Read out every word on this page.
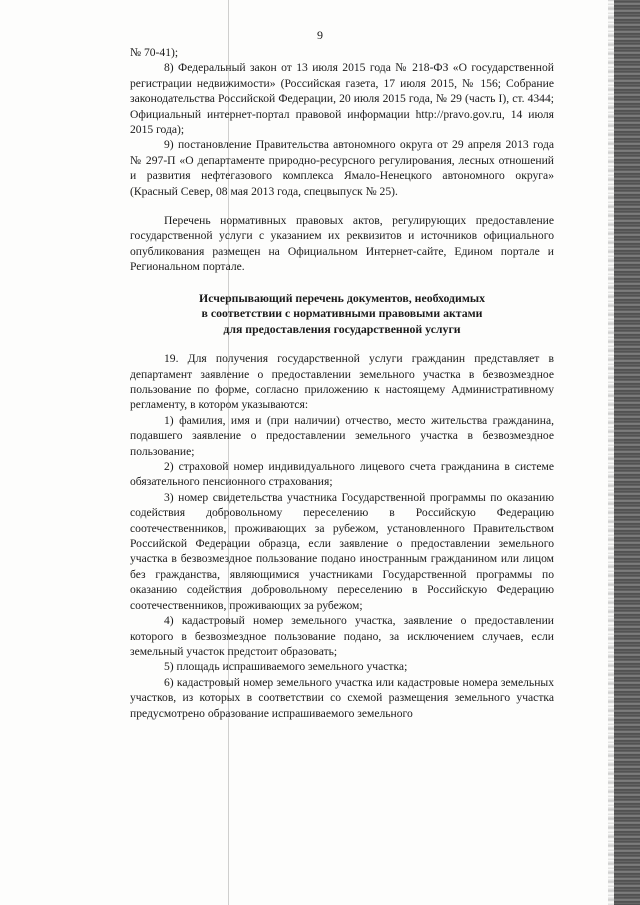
9

№ 70-41);

8) Федеральный закон от 13 июля 2015 года № 218-ФЗ «О государственной регистрации недвижимости» (Российская газета, 17 июля 2015, № 156; Собрание законодательства Российской Федерации, 20 июля 2015 года, № 29 (часть I), ст. 4344; Официальный интернет-портал правовой информации http://pravo.gov.ru, 14 июля 2015 года);

9) постановление Правительства автономного округа от 29 апреля 2013 года № 297-П «О департаменте природно-ресурсного регулирования, лесных отношений и развития нефтегазового комплекса Ямало-Ненецкого автономного округа» (Красный Север, 08 мая 2013 года, спецвыпуск № 25).

Перечень нормативных правовых актов, регулирующих предоставление государственной услуги с указанием их реквизитов и источников официального опубликования размещен на Официальном Интернет-сайте, Едином портале и Региональном портале.

Исчерпывающий перечень документов, необходимых
в соответствии с нормативными правовыми актами
для предоставления государственной услуги

19. Для получения государственной услуги гражданин представляет в департамент заявление о предоставлении земельного участка в безвозмездное пользование по форме, согласно приложению к настоящему Административному регламенту, в котором указываются:

1) фамилия, имя и (при наличии) отчество, место жительства гражданина, подавшего заявление о предоставлении земельного участка в безвозмездное пользование;

2) страховой номер индивидуального лицевого счета гражданина в системе обязательного пенсионного страхования;

3) номер свидетельства участника Государственной программы по оказанию содействия добровольному переселению в Российскую Федерацию соотечественников, проживающих за рубежом, установленного Правительством Российской Федерации образца, если заявление о предоставлении земельного участка в безвозмездное пользование подано иностранным гражданином или лицом без гражданства, являющимися участниками Государственной программы по оказанию содействия добровольному переселению в Российскую Федерацию соотечественников, проживающих за рубежом;

4) кадастровый номер земельного участка, заявление о предоставлении которого в безвозмездное пользование подано, за исключением случаев, если земельный участок предстоит образовать;

5) площадь испрашиваемого земельного участка;

6) кадастровый номер земельного участка или кадастровые номера земельных участков, из которых в соответствии со схемой размещения земельного участка предусмотрено образование испрашиваемого земельного
